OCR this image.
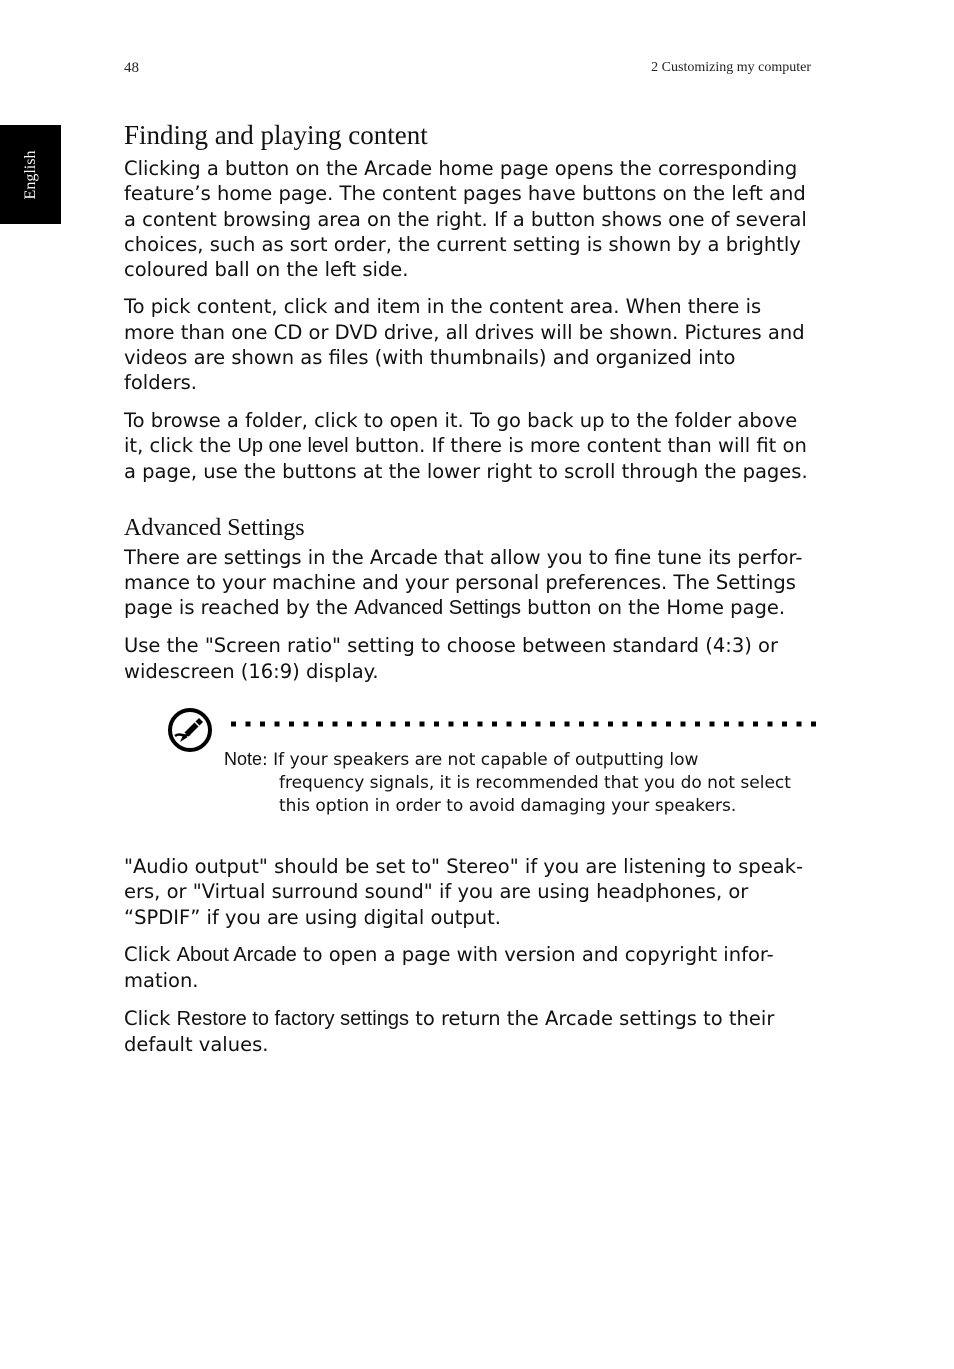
48	2 Customizing my computer
English
Finding and playing content

Clicking a button on the Arcade home page opens the corresponding feature’s home page. The content pages have buttons on the left and a content browsing area on the right. If a button shows one of several choices, such as sort order, the current setting is shown by a brightly coloured ball on the left side.

To pick content, click and item in the content area. When there is more than one CD or DVD drive, all drives will be shown. Pictures and videos are shown as files (with thumbnails) and organized into folders.

To browse a folder, click to open it. To go back up to the folder above it, click the Up one level button. If there is more content than will fit on a page, use the buttons at the lower right to scroll through the pages.

Advanced Settings

There are settings in the Arcade that allow you to fine tune its perfor-mance to your machine and your personal preferences. The Settings page is reached by the Advanced Settings button on the Home page.

Use the "Screen ratio" setting to choose between standard (4:3) or widescreen (16:9) display.

Note: If your speakers are not capable of outputting low
frequency signals, it is recommended that you do not select this option in order to avoid damaging your speakers.

"Audio output" should be set to" Stereo" if you are listening to speak-ers, or "Virtual surround sound" if you are using headphones, or “SPDIF” if you are using digital output.

Click About Arcade to open a page with version and copyright infor-mation.

Click Restore to factory settings to return the Arcade settings to their default values.
